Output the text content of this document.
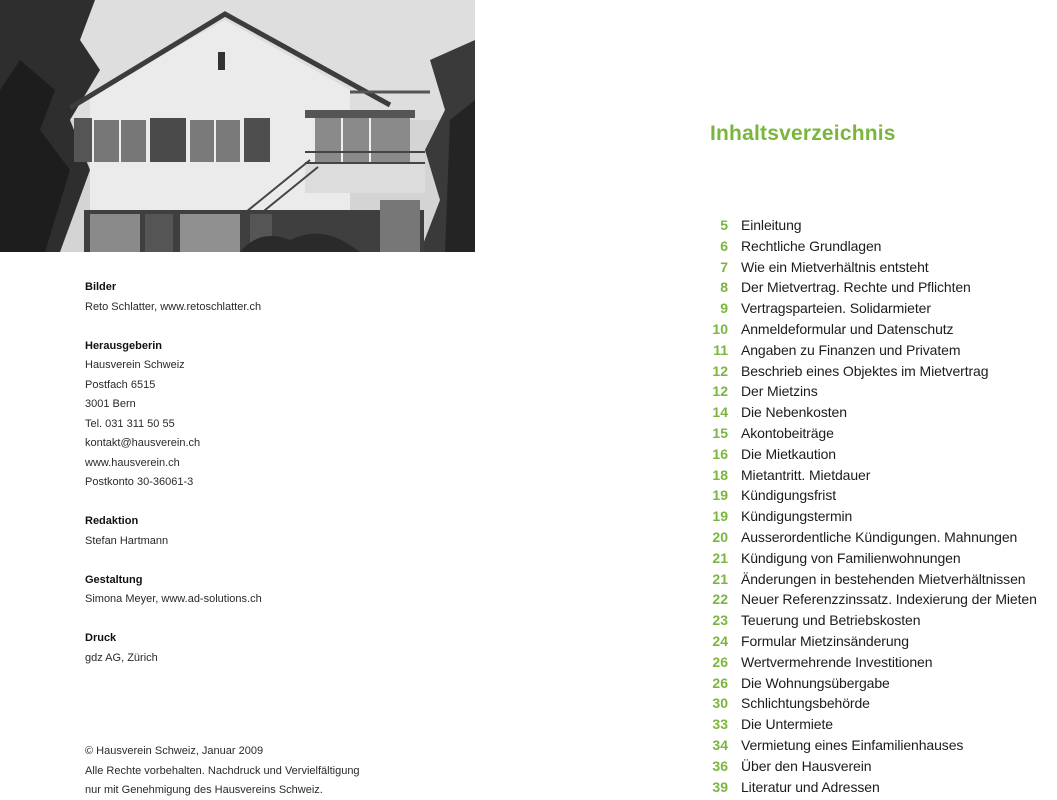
Bilder
Reto Schlatter, www.retoschlatter.ch
Herausgeberin
Hausverein Schweiz
Postfach 6515
3001 Bern
Tel. 031 311 50 55
kontakt@hausverein.ch
www.hausverein.ch
Postkonto 30-36061-3
Redaktion
Stefan Hartmann
Gestaltung
Simona Meyer, www.ad-solutions.ch
Druck
gdz AG, Zürich
© Hausverein Schweiz, Januar 2009
Alle Rechte vorbehalten. Nachdruck und Vervielfältigung
nur mit Genehmigung des Hausvereins Schweiz.
Inhaltsverzeichnis
5 Einleitung
6 Rechtliche Grundlagen
7 Wie ein Mietverhältnis entsteht
8 Der Mietvertrag. Rechte und Pflichten
9 Vertragsparteien. Solidarmieter
10 Anmeldeformular und Datenschutz
11 Angaben zu Finanzen und Privatem
12 Beschrieb eines Objektes im Mietvertrag
12 Der Mietzins
14 Die Nebenkosten
15 Akontobeiträge
16 Die Mietkaution
18 Mietantritt. Mietdauer
19 Kündigungsfrist
19 Kündigungstermin
20 Ausserordentliche Kündigungen. Mahnungen
21 Kündigung von Familienwohnungen
21 Änderungen in bestehenden Mietverhältnissen
22 Neuer Referenzzinssatz. Indexierung der Mieten
23 Teuerung und Betriebskosten
24 Formular Mietzinsänderung
26 Wertvermehrende Investitionen
26 Die Wohnungsübergabe
30 Schlichtungsbehörde
33 Die Untermiete
34 Vermietung eines Einfamilienhauses
36 Über den Hausverein
39 Literatur und Adressen
